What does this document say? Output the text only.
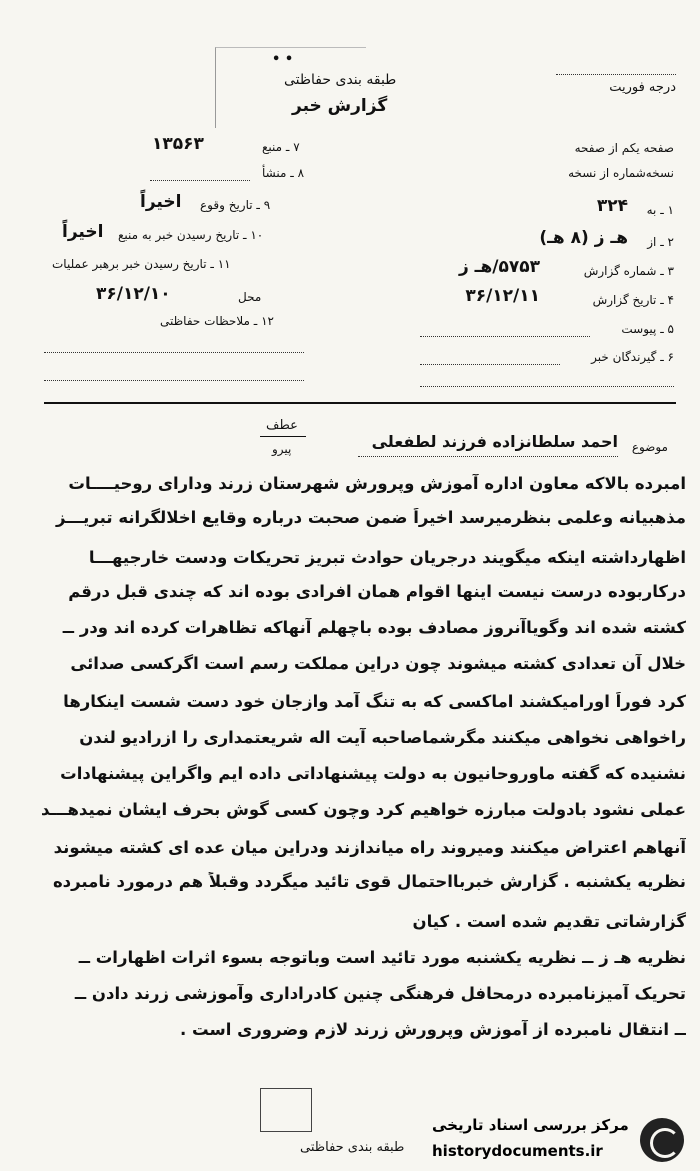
• •
طبقه بندی حفاظتی
گزارش خبر
درجه فوریت
صفحه یکم از صفحه
نسخه‌شماره از نسخه
۱ ـ به
۳۲۴
۲ ـ از
هـ ز (۸ هـ)
۳ ـ شماره گزارش
۵۷۵۳/هـ ز
۴ ـ تاریخ گزارش
۳۶/۱۲/۱۱
۵ ـ پیوست
۶ ـ گیرندگان خبر
۷ ـ منبع
۱۳۵۶۳
۸ ـ منشأ
۹ ـ تاریخ وقوع
اخیراً
۱۰ ـ تاریخ رسیدن خبر به منبع
اخیراً
۱۱ ـ تاریخ رسیدن خبر برهبر عملیات
محل
۳۶/۱۲/۱۰
۱۲ ـ ملاحظات حفاظتی
عطف
پیرو	موضوع
احمد سلطانزاده فرزند لطفعلی
امبرده بالاکه معاون اداره آموزش وپرورش شهرستان زرند وداراى روحیــــات
مذهبیانه وعلمی بنظرمیرسد اخیراً ضمن صحبت درباره وقایع اخلالگرانه تبریـــز
اظهارداشته اینکه میگویند درجریان حوادث تبریز تحریکات ودست خارجیهـــا
درکاربوده درست نیست اینها اقوام همان افرادی بوده اند که چندی قبل درقم
کشته شده اند وگویاآنروز مصادف بوده باچهلم آنهاکه تظاهرات کرده اند ودر ــ
خلال آن تعدادی کشته میشوند چون دراین مملکت رسم است اگرکسی صدائی
کرد فوراً اورامیکشند اماکسی که به تنگ آمد وازجان خود دست شست اینکارها
راخواهی نخواهی میکنند مگرشماصاحبه آیت اله شریعتمداری را ازرادیو لندن
نشنیده که گفته ماوروحانیون به دولت پیشنهاداتی داده ایم واگراین پیشنهادات
عملی نشود بادولت مبارزه خواهیم کرد وچون کسی گوش بحرف ایشان نمیدهـــد
آنهاهم اعتراض میکنند ومیروند راه میاندازند ودراین میان عده ای کشته میشوند
نظریه یکشنبه . گزارش خبربااحتمال قوی تائید میگردد وقبلاً هم درمورد نامبرده
گزارشاتی تقدیم شده است . کیان
نظریه هـ ز ــ نظریه یکشنبه مورد تائید است وباتوجه بسوء اثرات اظهارات ــ
تحریک آمیزنامبرده درمحافل فرهنگی چنین کادراداری وآموزشی زرند دادن ــ
ــ انتقال نامبرده از آموزش وپرورش زرند لازم وضروری است .
طبقه بندی حفاظتی
مرکز بررسی اسناد تاریخی
historydocuments.ir
